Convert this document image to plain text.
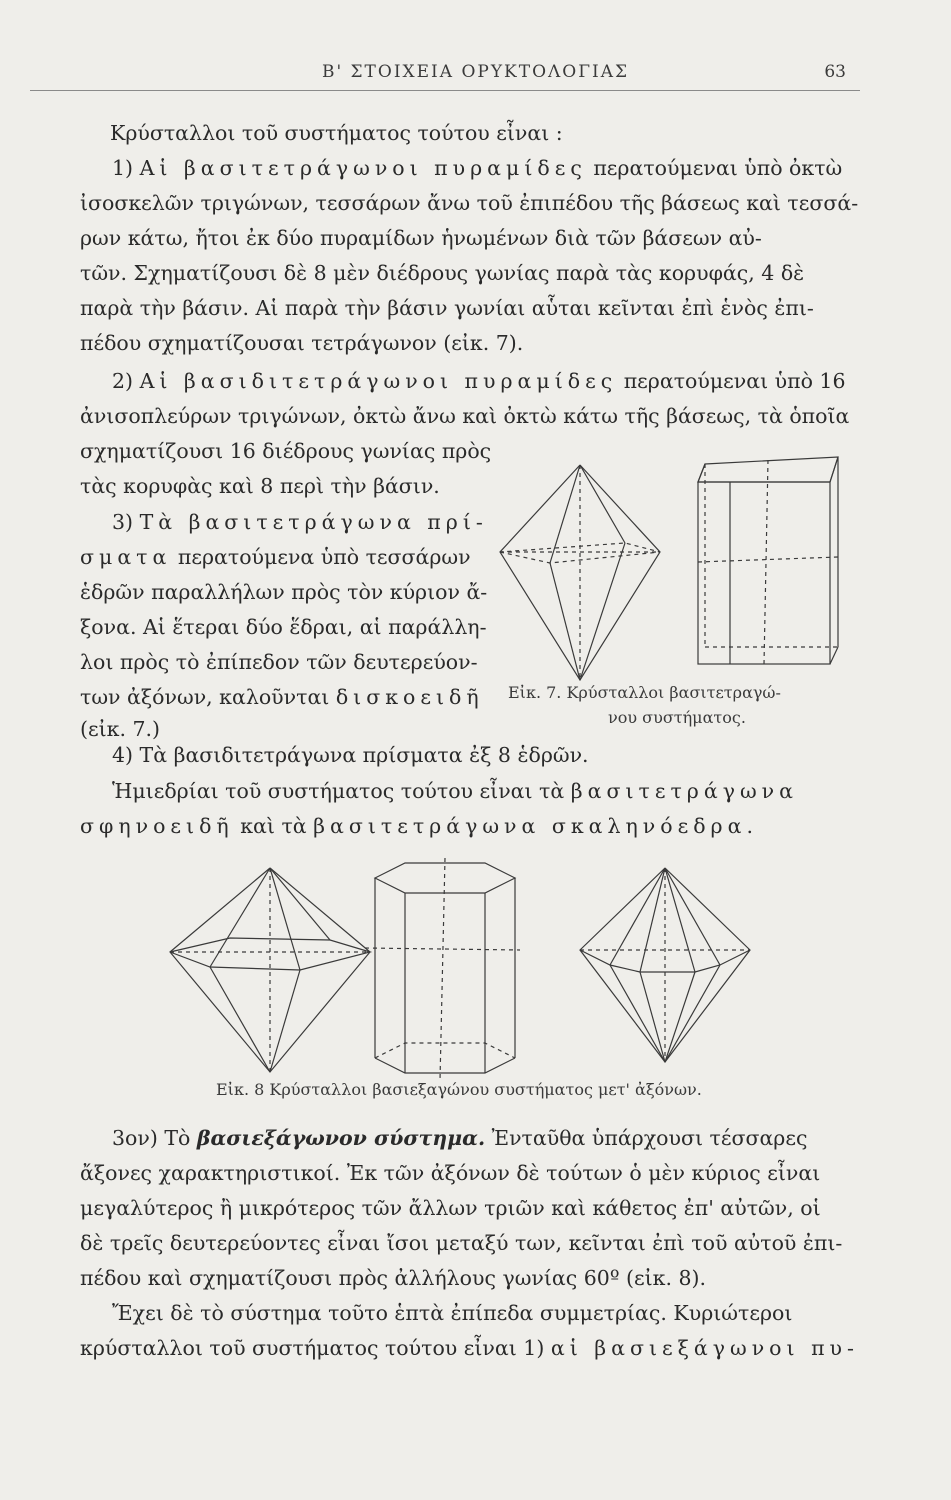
Β' ΣΤΟΙΧΕΙΑ ΟΡΥΚΤΟΛΟΓΙΑΣ	63
Κρύσταλλοι τοῦ συστήματος τούτου εἶναι :
1) Αἱ βασιτετράγωνοι πυραμίδες περατούμεναι ὑπὸ ὀκτὼ
ἰσοσκελῶν τριγώνων, τεσσάρων ἄνω τοῦ ἐπιπέδου τῆς βάσεως καὶ τεσσά-
ρων κάτω, ἤτοι ἐκ δύο πυραμίδων ἡνωμένων διὰ τῶν βάσεων αὐ-
τῶν. Σχηματίζουσι δὲ 8 μὲν διέδρους γωνίας παρὰ τὰς κορυφάς, 4 δὲ
παρὰ τὴν βάσιν. Αἱ παρὰ τὴν βάσιν γωνίαι αὗται κεῖνται ἐπὶ ἑνὸς ἐπι-
πέδου σχηματίζουσαι τετράγωνον (εἰκ. 7).
2) Αἱ βασιδιτετράγωνοι πυραμίδες περατούμεναι ὑπὸ 16
ἀνισοπλεύρων τριγώνων, ὀκτὼ ἄνω καὶ ὀκτὼ κάτω τῆς βάσεως, τὰ ὁποῖα
σχηματίζουσι 16 διέδρους γωνίας πρὸς
τὰς κορυφὰς καὶ 8 περὶ τὴν βάσιν.
3) Τὰ βασιτετράγωνα πρί-
σματα περατούμενα ὑπὸ τεσσάρων
ἑδρῶν παραλλήλων πρὸς τὸν κύριον ἄ-
ξονα. Αἱ ἕτεραι δύο ἕδραι, αἱ παράλλη-
λοι πρὸς τὸ ἐπίπεδον τῶν δευτερεύον-
των ἀξόνων, καλοῦνται δισκοειδῆ
(εἰκ. 7.)
4) Τὰ βασιδιτετράγωνα πρίσματα ἐξ 8 ἑδρῶν.
Ἡμιεδρίαι τοῦ συστήματος τούτου εἶναι τὰ βασιτετράγωνα
σφηνοειδῆ καὶ τὰ βασιτετράγωνα σκαληνόεδρα.
3ον) Τὸ βασιεξάγωνον σύστημα. Ἐνταῦθα ὑπάρχουσι τέσσαρες
ἄξονες χαρακτηριστικοί. Ἐκ τῶν ἀξόνων δὲ τούτων ὁ μὲν κύριος εἶναι
μεγαλύτερος ἢ μικρότερος τῶν ἄλλων τριῶν καὶ κάθετος ἐπ' αὐτῶν, οἱ
δὲ τρεῖς δευτερεύοντες εἶναι ἴσοι μεταξύ των, κεῖνται ἐπὶ τοῦ αὐτοῦ ἐπι-
πέδου καὶ σχηματίζουσι πρὸς ἀλλήλους γωνίας 60º (εἰκ. 8).
Ἔχει δὲ τὸ σύστημα τοῦτο ἑπτὰ ἐπίπεδα συμμετρίας. Κυριώτεροι
κρύσταλλοι τοῦ συστήματος τούτου εἶναι 1) αἱ βασιεξάγωνοι πυ-
Εἰκ. 7. Κρύσταλλοι βασιτετραγώ-
νου συστήματος.
Εἰκ. 8 Κρύσταλλοι βασιεξαγώνου συστήματος μετ' ἀξόνων.
